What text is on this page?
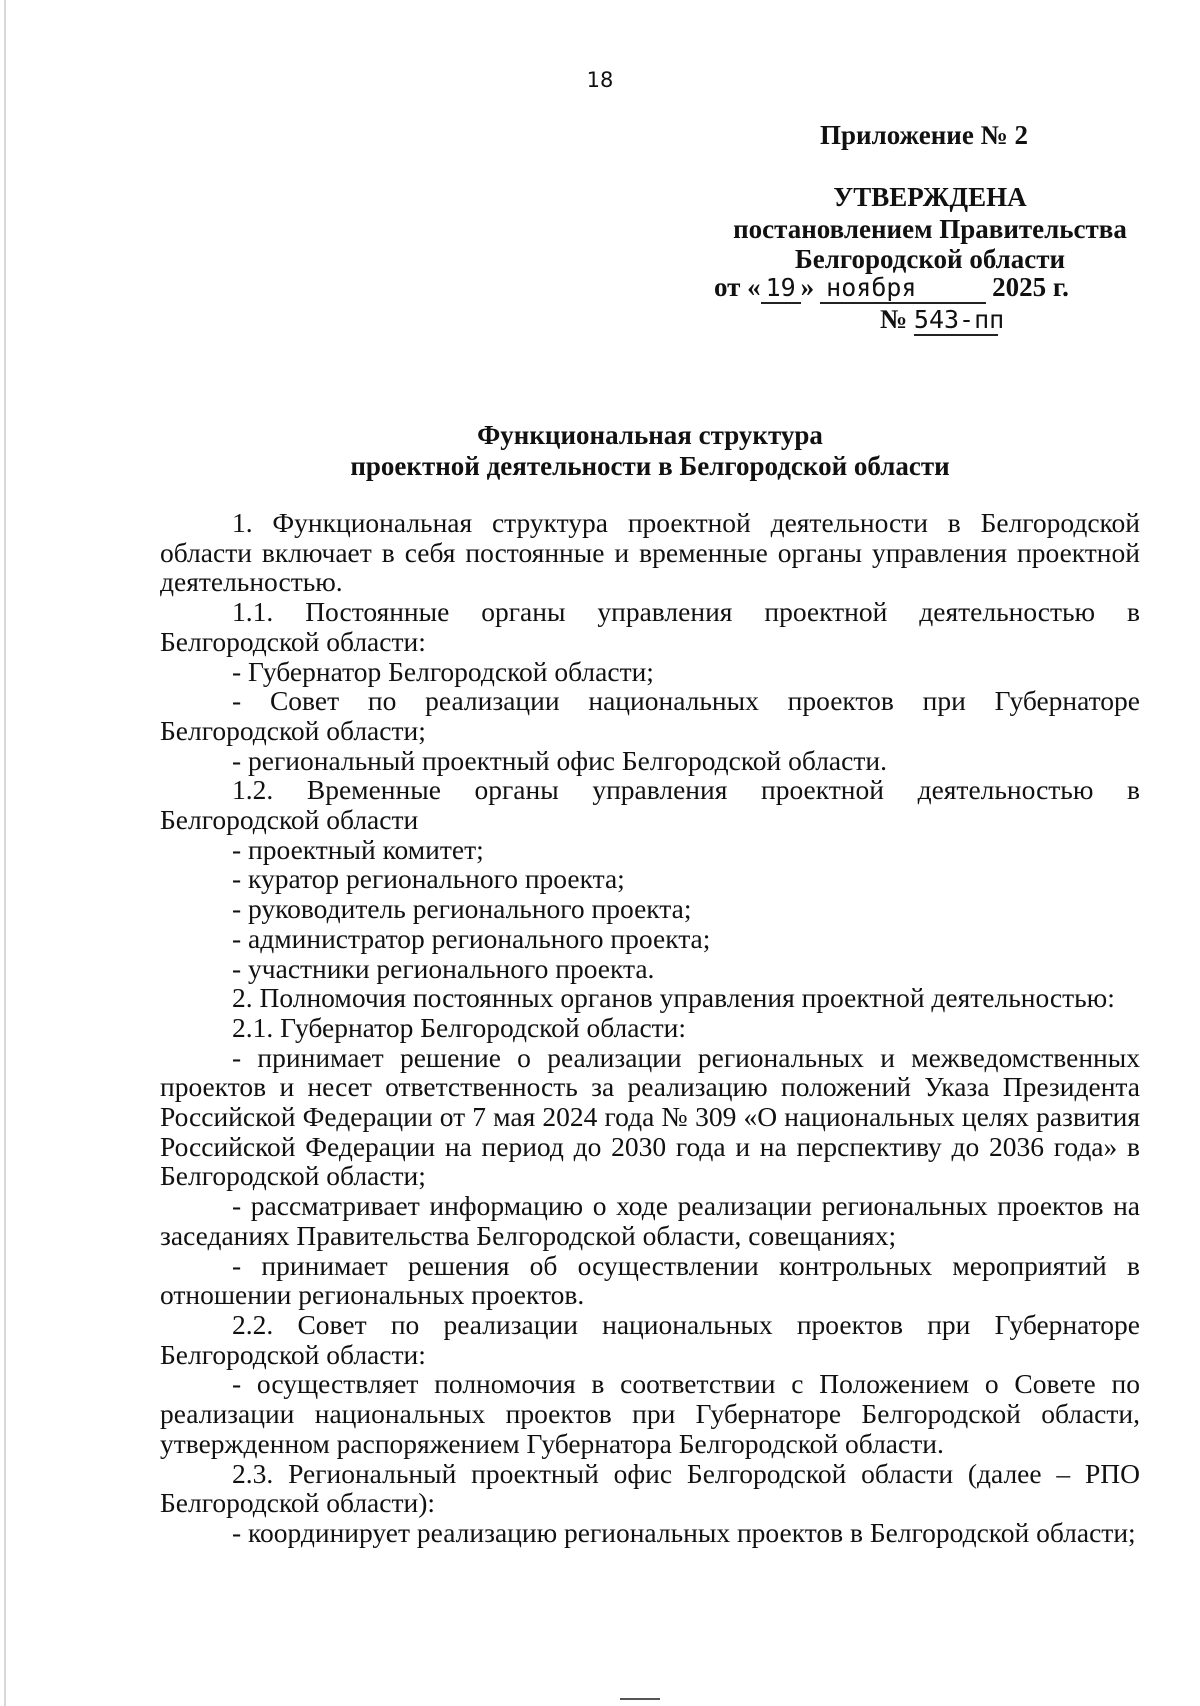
18
Приложение № 2
УТВЕРЖДЕНА
постановлением Правительства
Белгородской области
от « 19 » ноября	2025 г.
№ 543-пп
Функциональная структура
проектной деятельности в Белгородской области

1. Функциональная структура проектной деятельности в Белгородской области включает в себя постоянные и временные органы управления проектной деятельностью.

1.1. Постоянные органы управления проектной деятельностью в Белгородской области:

- Губернатор Белгородской области;

- Совет по реализации национальных проектов при Губернаторе Белгородской области;

- региональный проектный офис Белгородской области.

1.2. Временные органы управления проектной деятельностью в Белгородской области

- проектный комитет;

- куратор регионального проекта;

- руководитель регионального проекта;

- администратор регионального проекта;

- участники регионального проекта.

2. Полномочия постоянных органов управления проектной деятельностью:

2.1. Губернатор Белгородской области:

- принимает решение о реализации региональных и межведомственных проектов и несет ответственность за реализацию положений Указа Президента Российской Федерации от 7 мая 2024 года № 309 «О национальных целях развития Российской Федерации на период до 2030 года и на перспективу до 2036 года» в Белгородской области;

- рассматривает информацию о ходе реализации региональных проектов на заседаниях Правительства Белгородской области, совещаниях;

- принимает решения об осуществлении контрольных мероприятий в отношении региональных проектов.

2.2. Совет по реализации национальных проектов при Губернаторе Белгородской области:

- осуществляет полномочия в соответствии с Положением о Совете по реализации национальных проектов при Губернаторе Белгородской области, утвержденном распоряжением Губернатора Белгородской области.

2.3. Региональный проектный офис Белгородской области (далее – РПО Белгородской области):

- координирует реализацию региональных проектов в Белгородской области;
